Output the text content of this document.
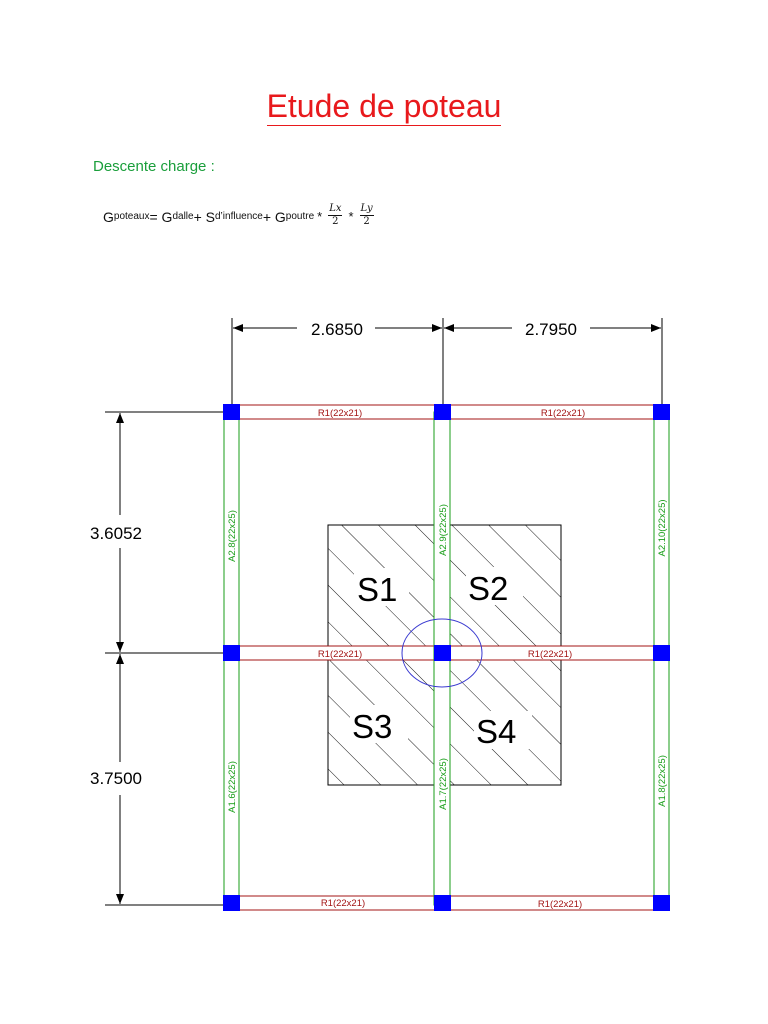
Etude de poteau
Descente charge :
G poteaux = G dalle + S d’influence + G poutre * $\frac{Lx}{2} * \frac{Ly}{2}$
2.6850	2.7950
3.6052
3.7500
S1 S2
S3	S4
R1(22x21)	R1(22x21)
R1(22x21)	R1(22x21)
R1(22x21)	R1(22x21)
A2.8(22x25)	A2.9(22x25)	A2.10(22x25)
A1.6(22x25)	A1.7(22x25)	A1.8(22x25)
